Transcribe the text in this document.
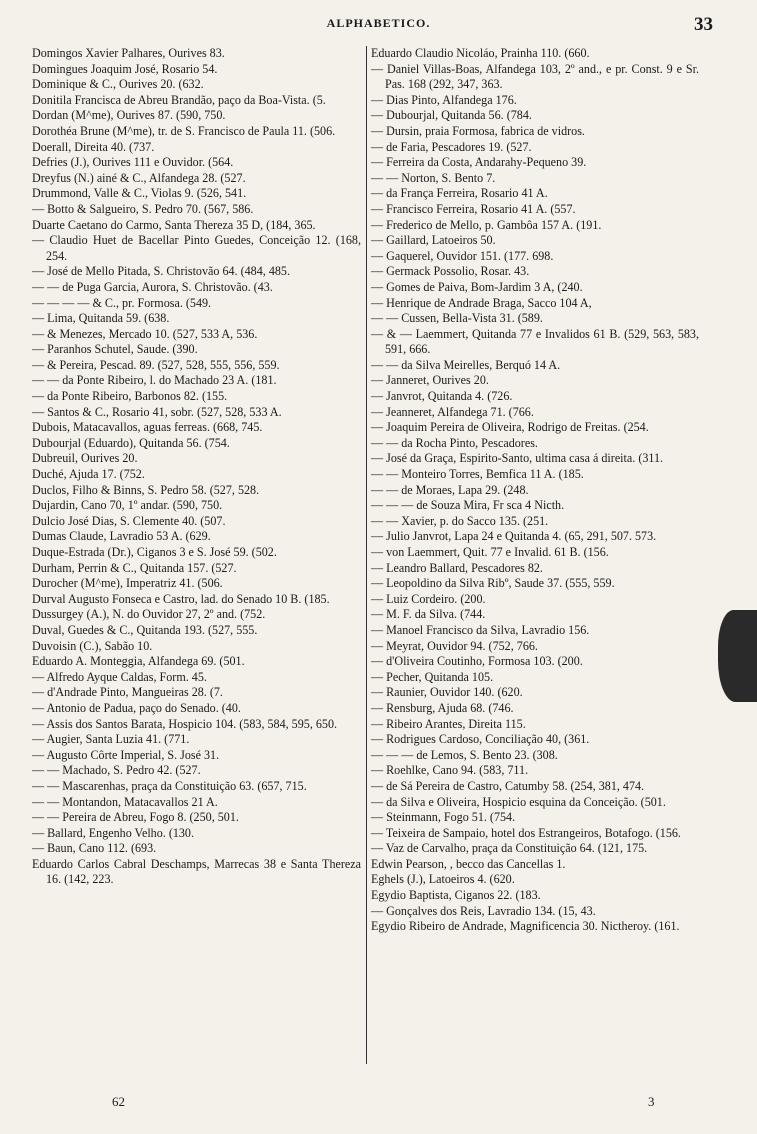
ALPHABETICO.	33
Domingos Xavier Palhares, Ourives 83.
Domingues Joaquim José, Rosario 54.
Dominique & C., Ourives 20. (632.
Donitila Francisca de Abreu Brandão, paço da Boa-Vista. (5.
Dordan (M^me), Ourives 87. (590, 750.
Dorothéa Brune (M^me), tr. de S. Francisco de Paula 11. (506.
Doerall, Direita 40. (737.
Defries (J.), Ourives 111 e Ouvidor. (564.
Dreyfus (N.) ainé & C., Alfandega 28. (527.
Drummond, Valle & C., Violas 9. (526, 541.
— Botto & Salgueiro, S. Pedro 70. (567, 586.
Duarte Caetano do Carmo, Santa Thereza 35 D, (184, 365.
— Claudio Huet de Bacellar Pinto Guedes, Conceição 12. (168, 254.
— José de Mello Pitada, S. Christovão 64. (484, 485.
— — de Puga Garcia, Aurora, S. Christovão. (43.
— — — — & C., pr. Formosa. (549.
— Lima, Quitanda 59. (638.
— & Menezes, Mercado 10. (527, 533 A, 536.
— Paranhos Schutel, Saude. (390.
— & Pereira, Pescad. 89. (527, 528, 555, 556, 559.
— — da Ponte Ribeiro, l. do Machado 23 A. (181.
— da Ponte Ribeiro, Barbonos 82. (155.
— Santos & C., Rosario 41, sobr. (527, 528, 533 A.
Dubois, Matacavallos, aguas ferreas. (668, 745.
Dubourjal (Eduardo), Quitanda 56. (754.
Dubreuil, Ourives 20.
Duché, Ajuda 17. (752.
Duclos, Filho & Binns, S. Pedro 58. (527, 528.
Dujardin, Cano 70, 1º andar. (590, 750.
Dulcio José Dias, S. Clemente 40. (507.
Dumas Claude, Lavradio 53 A. (629.
Duque-Estrada (Dr.), Ciganos 3 e S. José 59. (502.
Durham, Perrin & C., Quitanda 157. (527.
Durocher (M^me), Imperatriz 41. (506.
Durval Augusto Fonseca e Castro, lad. do Senado 10 B. (185.
Dussurgey (A.), N. do Ouvidor 27, 2º and. (752.
Duval, Guedes & C., Quitanda 193. (527, 555.
Duvoisin (C.), Sabão 10.
Eduardo A. Monteggia, Alfandega 69. (501.
— Alfredo Ayque Caldas, Form. 45.
— d'Andrade Pinto, Mangueiras 28. (7.
— Antonio de Padua, paço do Senado. (40.
— Assis dos Santos Barata, Hospicio 104. (583, 584, 595, 650.
— Augier, Santa Luzia 41. (771.
— Augusto Côrte Imperial, S. José 31.
— — Machado, S. Pedro 42. (527.
— — Mascarenhas, praça da Constituição 63. (657, 715.
— — Montandon, Matacavallos 21 A.
— — Pereira de Abreu, Fogo 8. (250, 501.
— Ballard, Engenho Velho. (130.
— Baun, Cano 112. (693.
Eduardo Carlos Cabral Deschamps, Marrecas 38 e Santa Thereza 16. (142, 223.
Eduardo Claudio Nicoláo, Prainha 110. (660.
— Daniel Villas-Boas, Alfandega 103, 2º and., e pr. Const. 9 e Sr. Pas. 168 (292, 347, 363.
— Dias Pinto, Alfandega 176.
— Dubourjal, Quitanda 56. (784.
— Dursin, praia Formosa, fabrica de vidros.
— de Faria, Pescadores 19. (527.
— Ferreira da Costa, Andarahy-Pequeno 39.
— — Norton, S. Bento 7.
— da França Ferreira, Rosario 41 A.
— Francisco Ferreira, Rosario 41 A. (557.
— Frederico de Mello, p. Gambôa 157 A. (191.
— Gaillard, Latoeiros 50.
— Gaquerel, Ouvidor 151. (177. 698.
— Germack Possolio, Rosar. 43.
— Gomes de Paiva, Bom-Jardim 3 A, (240.
— Henrique de Andrade Braga, Sacco 104 A,
— — Cussen, Bella-Vista 31. (589.
— & — Laemmert, Quitanda 77 e Invalidos 61 B. (529, 563, 583, 591, 666.
— — da Silva Meirelles, Berquó 14 A.
— Janneret, Ourives 20.
— Janvrot, Quitanda 4. (726.
— Jeanneret, Alfandega 71. (766.
— Joaquim Pereira de Oliveira, Rodrigo de Freitas. (254.
— — da Rocha Pinto, Pescadores.
— José da Graça, Espirito-Santo, ultima casa á direita. (311.
— — Monteiro Torres, Bemfica 11 A. (185.
— — de Moraes, Lapa 29. (248.
— — — de Souza Mira, Fr sca 4 Nicth.
— — Xavier, p. do Sacco 135. (251.
— Julio Janvrot, Lapa 24 e Quitanda 4. (65, 291, 507. 573.
— von Laemmert, Quit. 77 e Invalid. 61 B. (156.
— Leandro Ballard, Pescadores 82.
— Leopoldino da Silva Ribº, Saude 37. (555, 559.
— Luiz Cordeiro. (200.
— M. F. da Silva. (744.
— Manoel Francisco da Silva, Lavradio 156.
— Meyrat, Ouvidor 94. (752, 766.
— d'Oliveira Coutinho, Formosa 103. (200.
— Pecher, Quitanda 105.
— Raunier, Ouvidor 140. (620.
— Rensburg, Ajuda 68. (746.
— Ribeiro Arantes, Direita 115.
— Rodrigues Cardoso, Conciliação 40, (361.
— — — de Lemos, S. Bento 23. (308.
— Roehlke, Cano 94. (583, 711.
— de Sá Pereira de Castro, Catumby 58. (254, 381, 474.
— da Silva e Oliveira, Hospicio esquina da Conceição. (501.
— Steinmann, Fogo 51. (754.
— Teixeira de Sampaio, hotel dos Estrangeiros, Botafogo. (156.
— Vaz de Carvalho, praça da Constituição 64. (121, 175.
Edwin Pearson, , becco das Cancellas 1.
Eghels (J.), Latoeiros 4. (620.
Egydio Baptista, Ciganos 22. (183.
— Gonçalves dos Reis, Lavradio 134. (15, 43.
Egydio Ribeiro de Andrade, Magnificencia 30. Nictheroy. (161.
62	3
